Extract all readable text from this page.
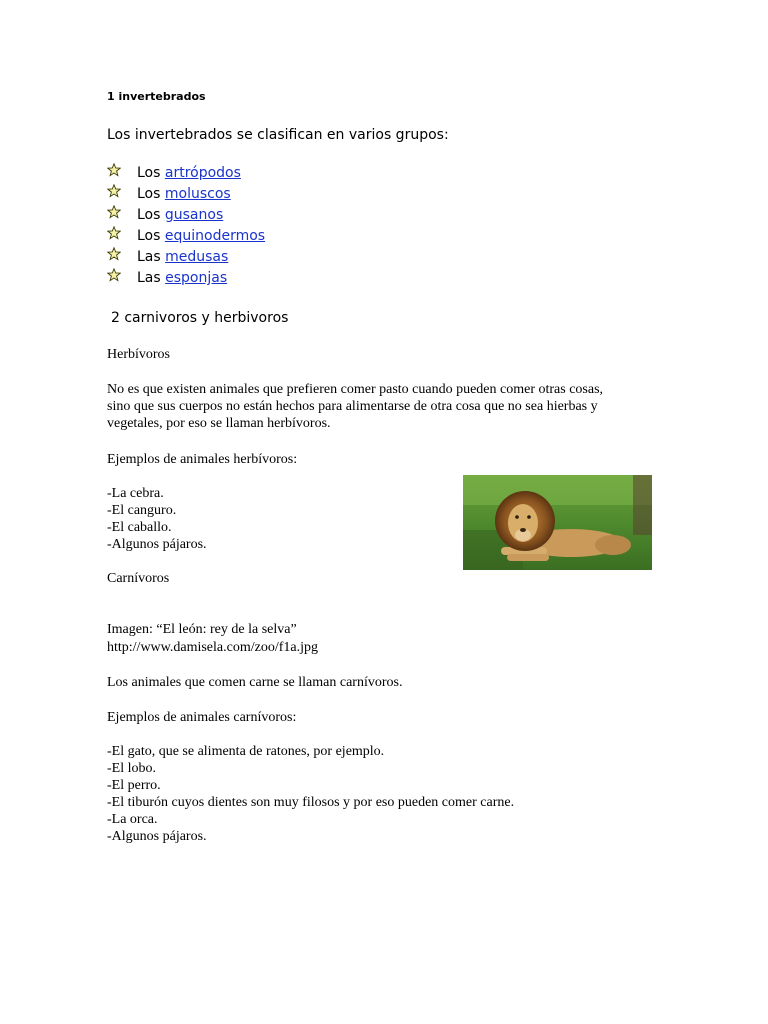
1 invertebrados
Los invertebrados se clasifican en varios grupos:
Los artrópodos
Los moluscos
Los gusanos
Los equinodermos
Las medusas
Las esponjas
2 carnivoros y herbivoros
Herbívoros
No es que existen animales que prefieren comer pasto cuando pueden comer otras cosas,
sino que sus cuerpos no están hechos para alimentarse de otra cosa que no sea hierbas y
vegetales, por eso se llaman herbívoros.
Ejemplos de animales herbívoros:
-La cebra.
-El canguro.
-El caballo.
-Algunos pájaros.
Carnívoros
Imagen: “El león: rey de la selva”
http://www.damisela.com/zoo/f1a.jpg
Los animales que comen carne se llaman carnívoros.
Ejemplos de animales carnívoros:
-El gato, que se alimenta de ratones, por ejemplo.
-El lobo.
-El perro.
-El tiburón cuyos dientes son muy filosos y por eso pueden comer carne.
-La orca.
-Algunos pájaros.
